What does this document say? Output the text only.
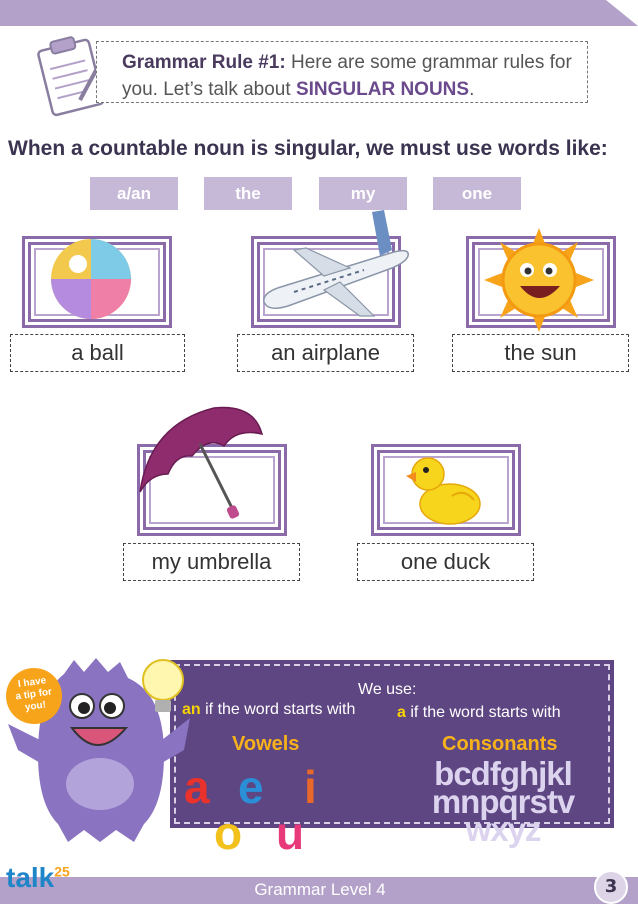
Grammar Rule #1: Here are some grammar rules for you. Let’s talk about SINGULAR NOUNS.
When a countable noun is singular, we must use words like:
a/an	the	my	one
a ball	an airplane	the sun
my umbrella	one duck
I have
a tip for
you!
We use:
an if the word starts with	a if the word starts with
Vowels	Consonants
a e i
o u
bcdfghjkl
mnpqrstv
wxyz
talk$^{25}$
Grammar Level 4	3
